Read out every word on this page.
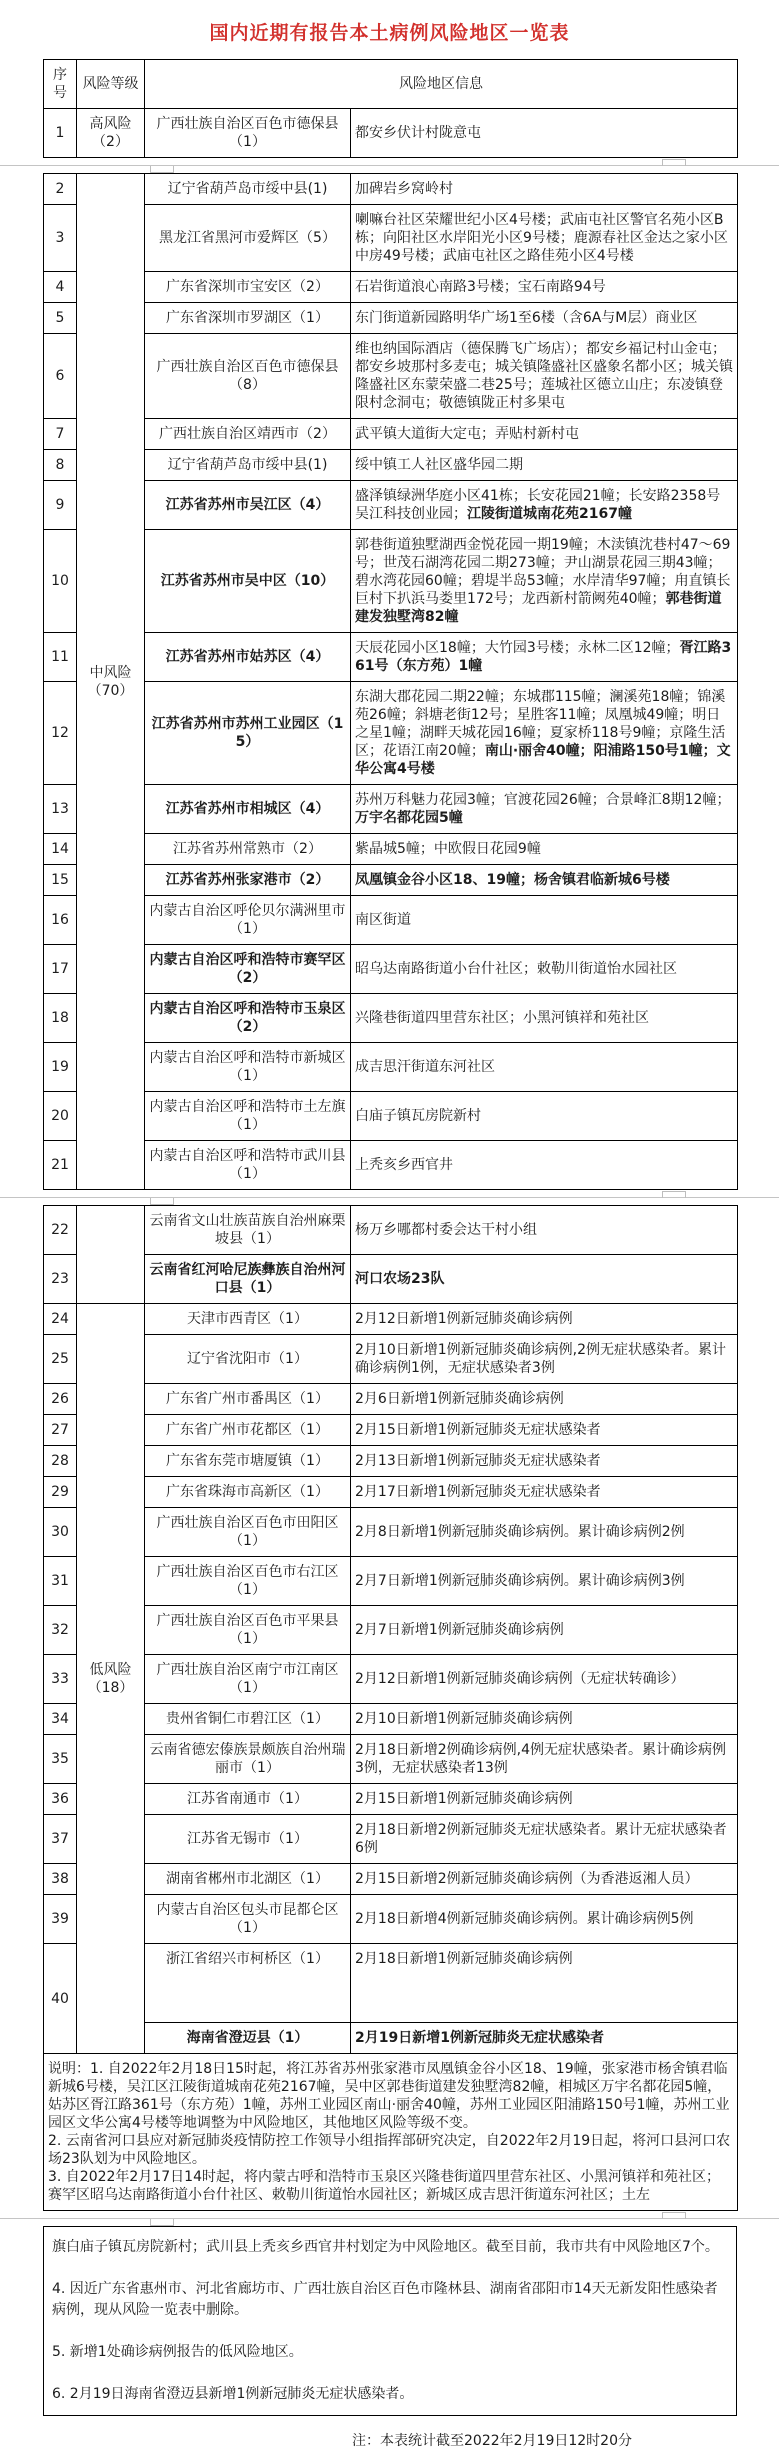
国内近期有报告本土病例风险地区一览表
序号	风险等级	风险地区信息	
1	高风险（2）	广西壮族自治区百色市德保县（1）	都安乡伏计村陇意屯
2	中风险（70）	辽宁省葫芦岛市绥中县(1)	加碑岩乡窝岭村
3		黑龙江省黑河市爱辉区（5）	喇嘛台社区荣耀世纪小区4号楼；武庙屯社区警官名苑小区B栋；向阳社区水岸阳光小区9号楼；鹿源春社区金达之家小区中房49号楼；武庙屯社区之路佳苑小区4号楼
4		广东省深圳市宝安区（2）	石岩街道浪心南路3号楼；宝石南路94号
5		广东省深圳市罗湖区（1）	东门街道新园路明华广场1至6楼（含6A与M层）商业区
6		广西壮族自治区百色市德保县（8）	维也纳国际酒店（德保腾飞广场店）；都安乡福记村山金屯；都安乡坡那村多麦屯；城关镇隆盛社区盛象名都小区；城关镇隆盛社区东蒙荣盛二巷25号；莲城社区德立山庄；东凌镇登限村念洞屯；敬德镇陇正村多果屯
7		广西壮族自治区靖西市（2）	武平镇大道街大定屯；弄贴村新村屯
8		辽宁省葫芦岛市绥中县(1)	绥中镇工人社区盛华园二期
9		江苏省苏州市吴江区（4）	盛泽镇绿洲华庭小区41栋；长安花园21幢；长安路2358号吴江科技创业园；江陵街道城南花苑2167幢
10		江苏省苏州市吴中区（10）	郭巷街道独墅湖西金悦花园一期19幢；木渎镇沈巷村47～69号；世茂石湖湾花园二期273幢；尹山湖景花园三期43幢；碧水湾花园60幢；碧堤半岛53幢；水岸清华97幢；甪直镇长巨村下扒浜马娄里172号；龙西新村箭阙苑40幢；郭巷街道建发独墅湾82幢
11		江苏省苏州市姑苏区（4）	天辰花园小区18幢；大竹园3号楼；永林二区12幢；胥江路361号（东方苑）1幢
12		江苏省苏州市苏州工业园区（15）	东湖大郡花园二期22幢；东城郡115幢；澜溪苑18幢；锦溪苑26幢；斜塘老街12号；星胜客11幢；凤凰城49幢；明日之星1幢；湖畔天城花园16幢；夏家桥118号9幢；京隆生活区；花语江南20幢；南山·丽舍40幢；阳浦路150号1幢；文华公寓4号楼
13		江苏省苏州市相城区（4）	苏州万科魅力花园3幢；官渡花园26幢；合景峰汇8期12幢；万宇名都花园5幢
14		江苏省苏州常熟市（2）	紫晶城5幢；中欧假日花园9幢
15		江苏省苏州张家港市（2）	凤凰镇金谷小区18、19幢；杨舍镇君临新城6号楼
16		内蒙古自治区呼伦贝尔满洲里市（1）	南区街道
17		内蒙古自治区呼和浩特市赛罕区（2）	昭乌达南路街道小台什社区；敕勒川街道怡水园社区
18		内蒙古自治区呼和浩特市玉泉区（2）	兴隆巷街道四里营东社区；小黑河镇祥和苑社区
19		内蒙古自治区呼和浩特市新城区（1）	成吉思汗街道东河社区
20		内蒙古自治区呼和浩特市土左旗（1）	白庙子镇瓦房院新村
21		内蒙古自治区呼和浩特市武川县（1）	上秃亥乡西官井
22		云南省文山壮族苗族自治州麻栗坡县（1）	杨万乡哪都村委会达干村小组
23		云南省红河哈尼族彝族自治州河口县（1）	河口农场23队
24	低风险（18）	天津市西青区（1）	2月12日新增1例新冠肺炎确诊病例
25		辽宁省沈阳市（1）	2月10日新增1例新冠肺炎确诊病例,2例无症状感染者。累计确诊病例1例，无症状感染者3例
26		广东省广州市番禺区（1）	2月6日新增1例新冠肺炎确诊病例
27		广东省广州市花都区（1）	2月15日新增1例新冠肺炎无症状感染者
28		广东省东莞市塘厦镇（1）	2月13日新增1例新冠肺炎无症状感染者
29		广东省珠海市高新区（1）	2月17日新增1例新冠肺炎无症状感染者
30		广西壮族自治区百色市田阳区（1）	2月8日新增1例新冠肺炎确诊病例。累计确诊病例2例
31		广西壮族自治区百色市右江区（1）	2月7日新增1例新冠肺炎确诊病例。累计确诊病例3例
32		广西壮族自治区百色市平果县（1）	2月7日新增1例新冠肺炎确诊病例
33		广西壮族自治区南宁市江南区（1）	2月12日新增1例新冠肺炎确诊病例（无症状转确诊）
34		贵州省铜仁市碧江区（1）	2月10日新增1例新冠肺炎确诊病例
35		云南省德宏傣族景颇族自治州瑞丽市（1）	2月18日新增2例确诊病例,4例无症状感染者。累计确诊病例3例，无症状感染者13例
36		江苏省南通市（1）	2月15日新增1例新冠肺炎确诊病例
37		江苏省无锡市（1）	2月18日新增2例新冠肺炎无症状感染者。累计无症状感染者6例
38		湖南省郴州市北湖区（1）	2月15日新增2例新冠肺炎确诊病例（为香港返湘人员）
39		内蒙古自治区包头市昆都仑区（1）	2月18日新增4例新冠肺炎确诊病例。累计确诊病例5例
40		浙江省绍兴市柯桥区（1）	2月18日新增1例新冠肺炎确诊病例
		海南省澄迈县（1）	2月19日新增1例新冠肺炎无症状感染者

说明：1. 自2022年2月18日15时起，将江苏省苏州张家港市凤凰镇金谷小区18、19幢，张家港市杨舍镇君临新城6号楼，吴江区江陵街道城南花苑2167幢，吴中区郭巷街道建发独墅湾82幢，相城区万宇名都花园5幢，姑苏区胥江路361号（东方苑）1幢，苏州工业园区南山·丽舍40幢，苏州工业园区阳浦路150号1幢，苏州工业园区文华公寓4号楼等地调整为中风险地区，其他地区风险等级不变。

2. 云南省河口县应对新冠肺炎疫情防控工作领导小组指挥部研究决定，自2022年2月19日起，将河口县河口农场23队划为中风险地区。

3. 自2022年2月17日14时起，将内蒙古呼和浩特市玉泉区兴隆巷街道四里营东社区、小黑河镇祥和苑社区；赛罕区昭乌达南路街道小台什社区、敕勒川街道怡水园社区；新城区成吉思汗街道东河社区；土左			

旗白庙子镇瓦房院新村；武川县上秃亥乡西官井村划定为中风险地区。截至目前，我市共有中风险地区7个。

4. 因近广东省惠州市、河北省廊坊市、广西壮族自治区百色市隆林县、湖南省邵阳市14天无新发阳性感染者病例，现从风险一览表中删除。

5. 新增1处确诊病例报告的低风险地区。

6. 2月19日海南省澄迈县新增1例新冠肺炎无症状感染者。

注：本表统计截至2022年2月19日12时20分
